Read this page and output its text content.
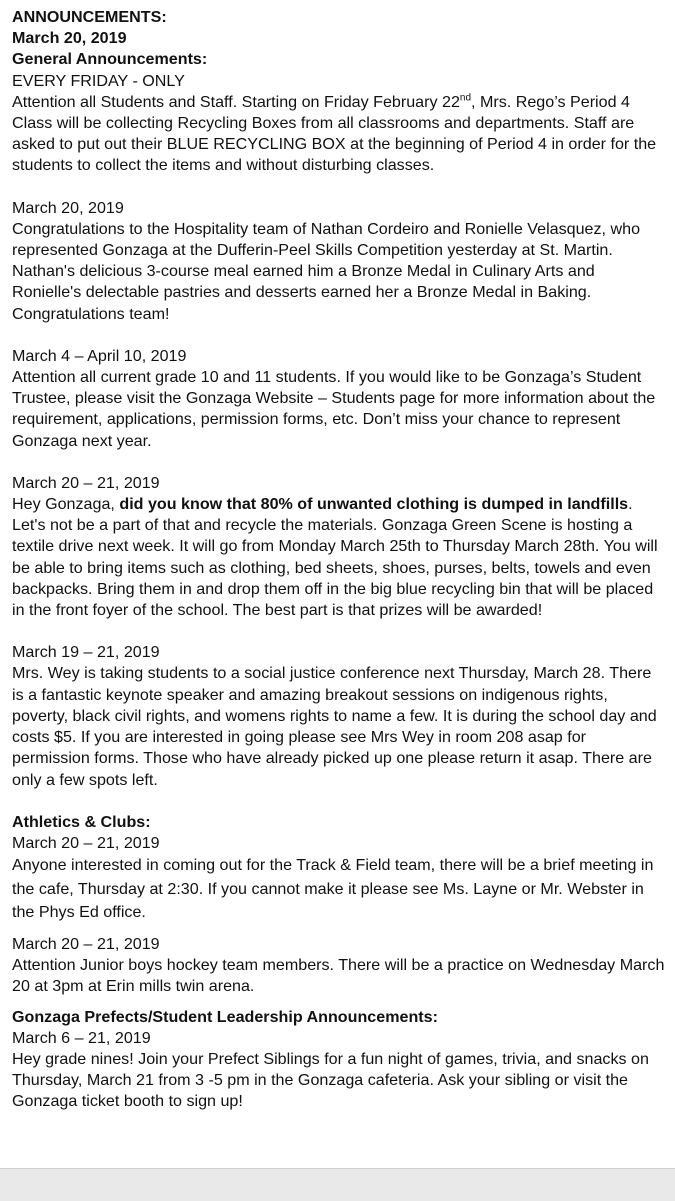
ANNOUNCEMENTS:
March 20, 2019
General Announcements:
EVERY FRIDAY - ONLY

Attention all Students and Staff. Starting on Friday February 22nd, Mrs. Rego’s Period 4 Class will be collecting Recycling Boxes from all classrooms and departments. Staff are asked to put out their BLUE RECYCLING BOX at the beginning of Period 4 in order for the students to collect the items and without disturbing classes.

March 20, 2019

Congratulations to the Hospitality team of Nathan Cordeiro and Ronielle Velasquez, who represented Gonzaga at the Dufferin-Peel Skills Competition yesterday at St. Martin. Nathan's delicious 3-course meal earned him a Bronze Medal in Culinary Arts and Ronielle's delectable pastries and desserts earned her a Bronze Medal in Baking. Congratulations team!

March 4 – April 10, 2019

Attention all current grade 10 and 11 students. If you would like to be Gonzaga’s Student Trustee, please visit the Gonzaga Website – Students page for more information about the requirement, applications, permission forms, etc. Don’t miss your chance to represent Gonzaga next year.

March 20 – 21, 2019

Hey Gonzaga, did you know that 80% of unwanted clothing is dumped in landfills. Let's not be a part of that and recycle the materials. Gonzaga Green Scene is hosting a textile drive next week. It will go from Monday March 25th to Thursday March 28th. You will be able to bring items such as clothing, bed sheets, shoes, purses, belts, towels and even backpacks. Bring them in and drop them off in the big blue recycling bin that will be placed in the front foyer of the school. The best part is that prizes will be awarded!

March 19 – 21, 2019

Mrs. Wey is taking students to a social justice conference next Thursday, March 28. There is a fantastic keynote speaker and amazing breakout sessions on indigenous rights, poverty, black civil rights, and womens rights to name a few. It is during the school day and costs $5. If you are interested in going please see Mrs Wey in room 208 asap for permission forms. Those who have already picked up one please return it asap. There are only a few spots left.

Athletics & Clubs:
March 20 – 21, 2019

Anyone interested in coming out for the Track & Field team, there will be a brief meeting in the cafe, Thursday at 2:30. If you cannot make it please see Ms. Layne or Mr. Webster in the Phys Ed office.

March 20 – 21, 2019

Attention Junior boys hockey team members. There will be a practice on Wednesday March 20 at 3pm at Erin mills twin arena.

Gonzaga Prefects/Student Leadership Announcements:
March 6 – 21, 2019

Hey grade nines! Join your Prefect Siblings for a fun night of games, trivia, and snacks on Thursday, March 21 from 3 -5 pm in the Gonzaga cafeteria. Ask your sibling or visit the Gonzaga ticket booth to sign up!
